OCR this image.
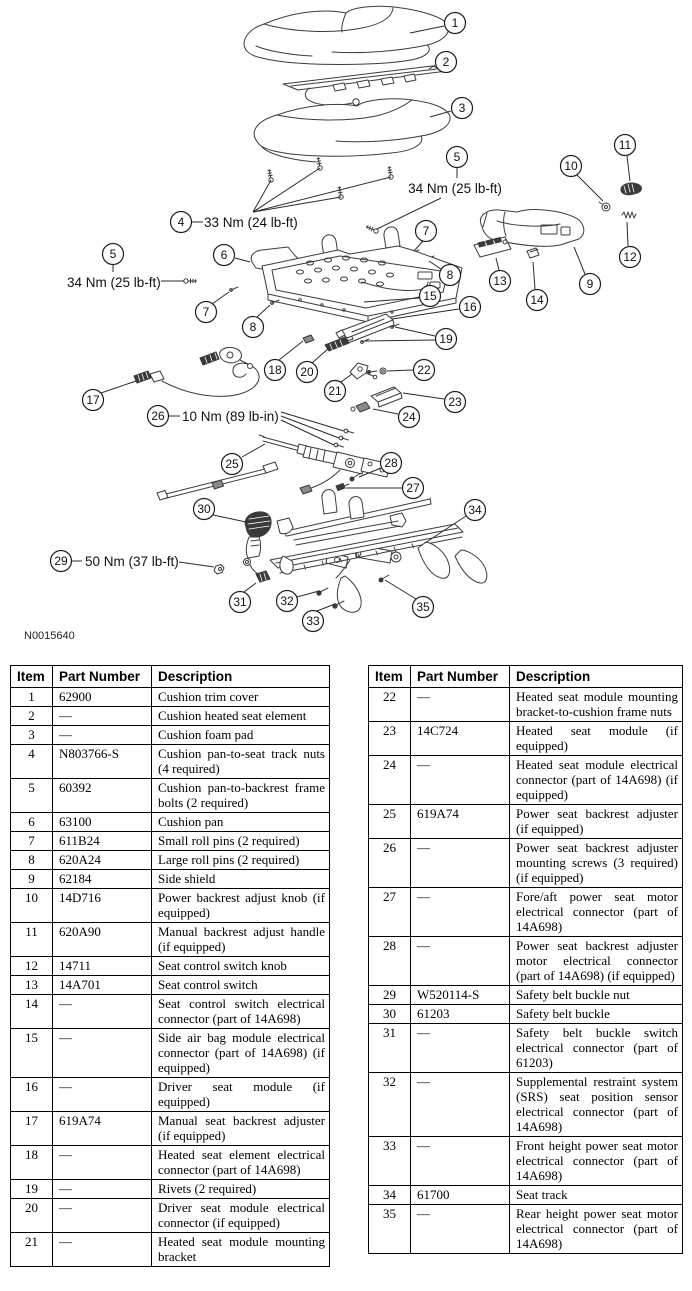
1
2
3
5
4
5	6
7
8
7
8
9
10
11
12
13
14
15
16
19
18 20
21
22
23
24
25
26
27
28
29
30
31	32
33
34
35
17
34 Nm (25 lb-ft)
33 Nm (24 lb-ft)
34 Nm (25 lb-ft)
10 Nm (89 lb-in)
50 Nm (37 lb-ft)
N0015640
Item	Part Number	Description
1	62900	Cushion trim cover
2	—	Cushion heated seat element
3	—	Cushion foam pad
4	N803766-S	Cushion pan-to-seat track nuts (4 required)
5	60392	Cushion pan-to-backrest frame bolts (2 required)
6	63100	Cushion pan
7	611B24	Small roll pins (2 required)
8	620A24	Large roll pins (2 required)
9	62184	Side shield
10	14D716	Power backrest adjust knob (if equipped)
11	620A90	Manual backrest adjust handle (if equipped)
12	14711	Seat control switch knob
13	14A701	Seat control switch
14	—	Seat control switch electrical connector (part of 14A698)
15	—	Side air bag module electrical connector (part of 14A698) (if equipped)
16	—	Driver seat module (if equipped)
17	619A74	Manual seat backrest adjuster (if equipped)
18	—	Heated seat element electrical connector (part of 14A698)
19	—	Rivets (2 required)
20	—	Driver seat module electrical connector (if equipped)
21	—	Heated seat module mounting bracket
Item	Part Number	Description
22	—	Heated seat module mounting bracket-to-cushion frame nuts
23	14C724	Heated seat module (if equipped)
24	—	Heated seat module electrical connector (part of 14A698) (if equipped)
25	619A74	Power seat backrest adjuster (if equipped)
26	—	Power seat backrest adjuster mounting screws (3 required) (if equipped)
27	—	Fore/aft power seat motor electrical connector (part of 14A698)
28	—	Power seat backrest adjuster motor electrical connector (part of 14A698) (if equipped)
29	W520114-S	Safety belt buckle nut
30	61203	Safety belt buckle
31	—	Safety belt buckle switch electrical connector (part of 61203)
32	—	Supplemental restraint system (SRS) seat position sensor electrical connector (part of 14A698)
33	—	Front height power seat motor electrical connector (part of 14A698)
34	61700	Seat track
35	—	Rear height power seat motor electrical connector (part of 14A698)
